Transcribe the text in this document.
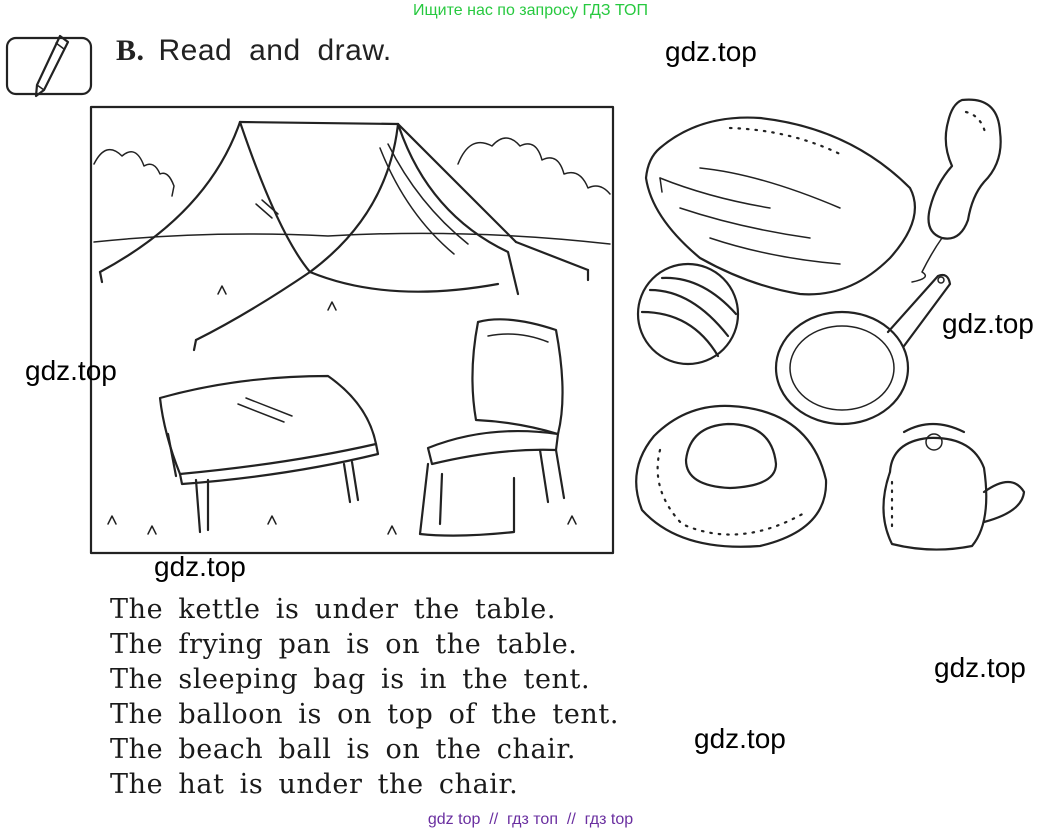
Ищите нас по запросу ГДЗ ТОП
B. Read and draw.	gdz.top
gdz.top
gdz.top
gdz.top
gdz.top
gdz.top
The kettle is under the table.
The frying pan is on the table.
The sleeping bag is in the tent.
The balloon is on top of the tent.
The beach ball is on the chair.
The hat is under the chair.
gdz top  //  гдз топ  //  гдз top
